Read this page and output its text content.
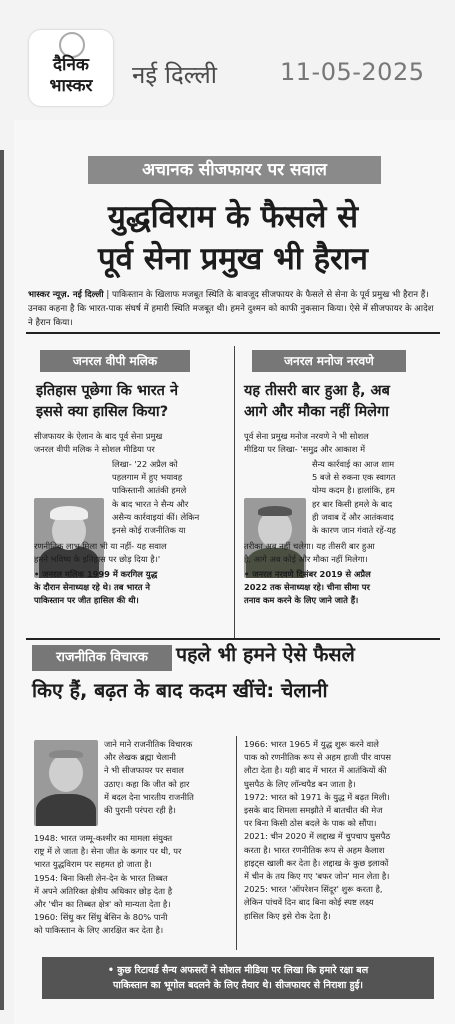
दैनिक
भास्कर	नई दिल्ली	11-05-2025
अचानक सीजफायर पर सवाल
युद्धविराम के फैसले से
पूर्व सेना प्रमुख भी हैरान
भास्कर न्यूज़. नई दिल्ली | पाकिस्तान के खिलाफ मजबूत स्थिति के बावजूद सीजफायर के फैसले से सेना के पूर्व प्रमुख भी हैरान हैं। उनका कहना है कि भारत-पाक संघर्ष में हमारी स्थिति मजबूत थी। हमने दुश्मन को काफी नुकसान किया। ऐसे में सीजफायर के आदेश ने हैरान किया।
जनरल वीपी मलिक
इतिहास पूछेगा कि भारत ने
इससे क्या हासिल किया?
सीजफायर के ऐलान के बाद पूर्व सेना प्रमुख
जनरल वीपी मलिक ने सोशल मीडिया पर
लिखा- '22 अप्रैल को
पहलगाम में हुए भयावह
पाकिस्तानी आतंकी हमले
के बाद भारत ने सैन्य और
असैन्य कार्रवाइयां कीं। लेकिन
इनसे कोई राजनीतिक या
रणनीतिक लाभ मिला भी या नहीं- यह सवाल
हमने भविष्य के इतिहास पर छोड़ दिया है।'
• जनरल मलिक 1999 में करगिल युद्ध
के दौरान सेनाध्यक्ष रहे थे। तब भारत ने
पाकिस्तान पर जीत हासिल की थी।
जनरल मनोज नरवणे
यह तीसरी बार हुआ है, अब
आगे और मौका नहीं मिलेगा
पूर्व सेना प्रमुख मनोज नरवणे ने भी सोशल
मीडिया पर लिखा- 'समुद्र और आकाश में
सैन्य कार्रवाई का आज शाम
5 बजे से रुकना एक स्वागत
योग्य कदम है। हालांकि, हम
हर बार किसी हमले के बाद
ही जवाब दें और आतंकवाद
के कारण जान गंवाते रहें-यह
तरीका अब नहीं चलेगा। यह तीसरी बार हुआ
है, आगे अब कोई और मौका नहीं मिलेगा।
• जनरल नरवणे दिसंबर 2019 से अप्रैल
2022 तक सेनाध्यक्ष रहे। चीना सीमा पर
तनाव कम करने के लिए जाने जाते हैं।
राजनीतिक विचारक	पहले भी हमने ऐसे फैसले
किए हैं, बढ़त के बाद कदम खींचे: चेलानी
जाने माने राजनीतिक विचारक
और लेखक ब्रह्मा चेलानी
ने भी सीजफायर पर सवाल
उठाए। कहा कि जीत को हार
में बदल देना भारतीय राजनीति
की पुरानी परंपरा रही है।
1948: भारत जम्मू-कश्मीर का मामला संयुक्त
राष्ट्र में ले जाता है। सेना जीत के कगार पर थी, पर
भारत युद्धविराम पर सहमत हो जाता है।
1954: बिना किसी लेन-देन के भारत तिब्बत
में अपने अतिरिक्त क्षेत्रीय अधिकार छोड़ देता है
और 'चीन का तिब्बत क्षेत्र' को मान्यता देता है।
1960: सिंधु कर सिंधु बेसिन के 80% पानी
को पाकिस्तान के लिए आरक्षित कर देता है।
1966: भारत 1965 में युद्ध शुरू करने वाले
पाक को रणनीतिक रूप से अहम हाजी पीर वापस
लौटा देता है। यही बाद में भारत में आतंकियों की
घुसपैठ के लिए लॉन्चपैड बन जाता है।
1972: भारत को 1971 के युद्ध में बढ़त मिली।
इसके बाद शिमला समझौते में बातचीत की मेज
पर बिना किसी ठोस बदले के पाक को सौंपा।
2021: चीन 2020 में लद्दाख में चुपचाप घुसपैठ
करता है। भारत रणनीतिक रूप से अहम कैलाश
हाइट्स खाली कर देता है। लद्दाख के कुछ इलाकों
में चीन के तय किए गए 'बफर जोन' मान लेता है।
2025: भारत 'ऑपरेशन सिंदूर' शुरू करता है,
लेकिन पांचवें दिन बाद बिना कोई स्पष्ट लक्ष्य
हासिल किए इसे रोक देता है।
• कुछ रिटायर्ड सैन्य अफसरों ने सोशल मीडिया पर लिखा कि हमारे रक्षा बल
पाकिस्तान का भूगोल बदलने के लिए तैयार थे। सीजफायर से निराशा हुई।
